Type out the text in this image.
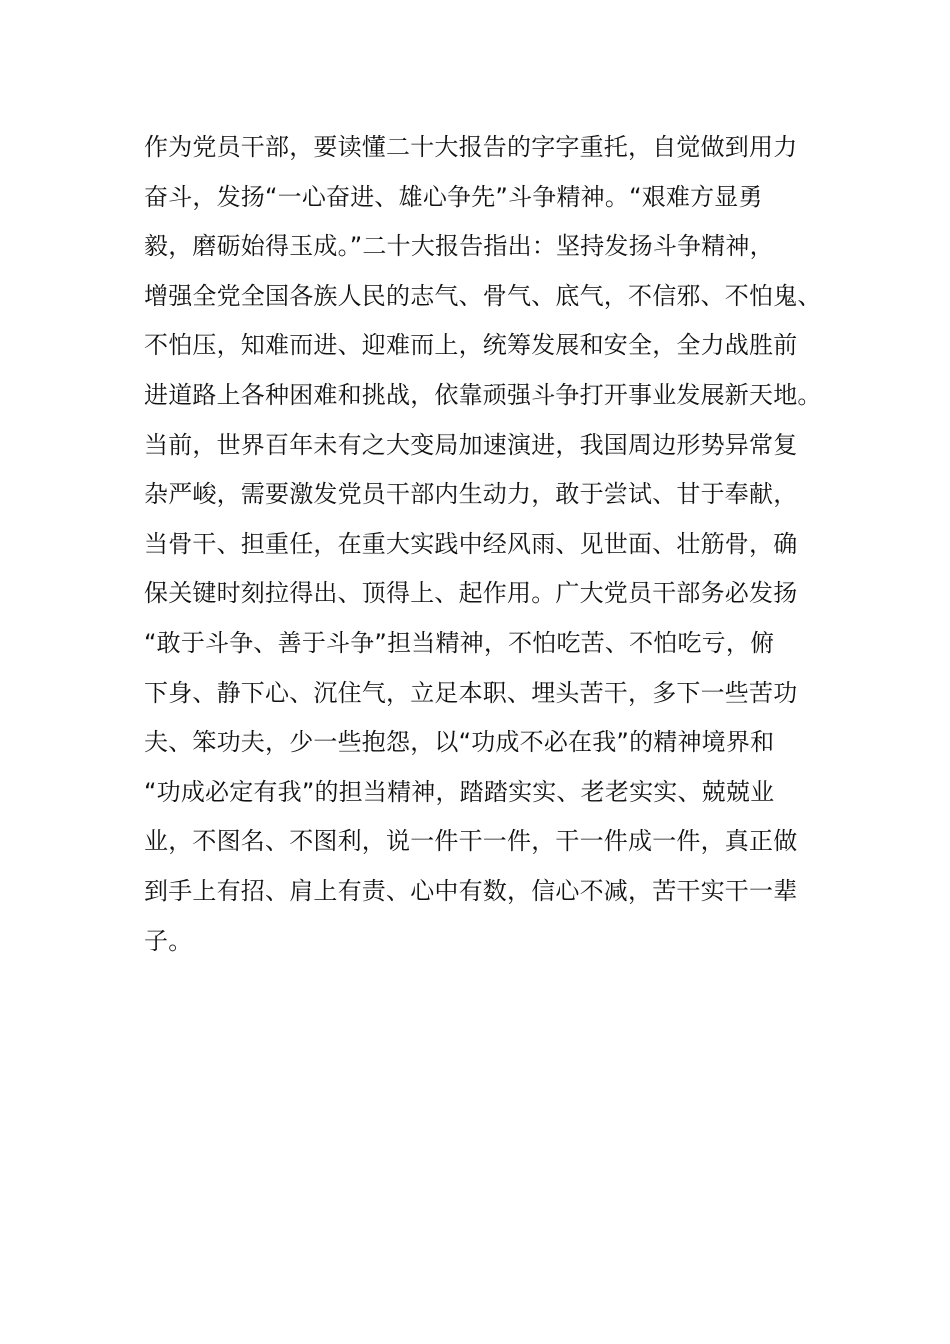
作为党员干部，要读懂二十大报告的字字重托，自觉做到用力
奋斗，发扬“一心奋进、雄心争先”斗争精神。“艰难方显勇
毅，磨砺始得玉成。”二十大报告指出：坚持发扬斗争精神，
增强全党全国各族人民的志气、骨气、底气，不信邪、不怕鬼、
不怕压，知难而进、迎难而上，统筹发展和安全，全力战胜前
进道路上各种困难和挑战，依靠顽强斗争打开事业发展新天地。
当前，世界百年未有之大变局加速演进，我国周边形势异常复
杂严峻，需要激发党员干部内生动力，敢于尝试、甘于奉献，
当骨干、担重任，在重大实践中经风雨、见世面、壮筋骨，确
保关键时刻拉得出、顶得上、起作用。广大党员干部务必发扬
“敢于斗争、善于斗争”担当精神，不怕吃苦、不怕吃亏，俯
下身、静下心、沉住气，立足本职、埋头苦干，多下一些苦功
夫、笨功夫，少一些抱怨，以“功成不必在我”的精神境界和
“功成必定有我”的担当精神，踏踏实实、老老实实、兢兢业
业，不图名、不图利，说一件干一件，干一件成一件，真正做
到手上有招、肩上有责、心中有数，信心不减，苦干实干一辈
子。
